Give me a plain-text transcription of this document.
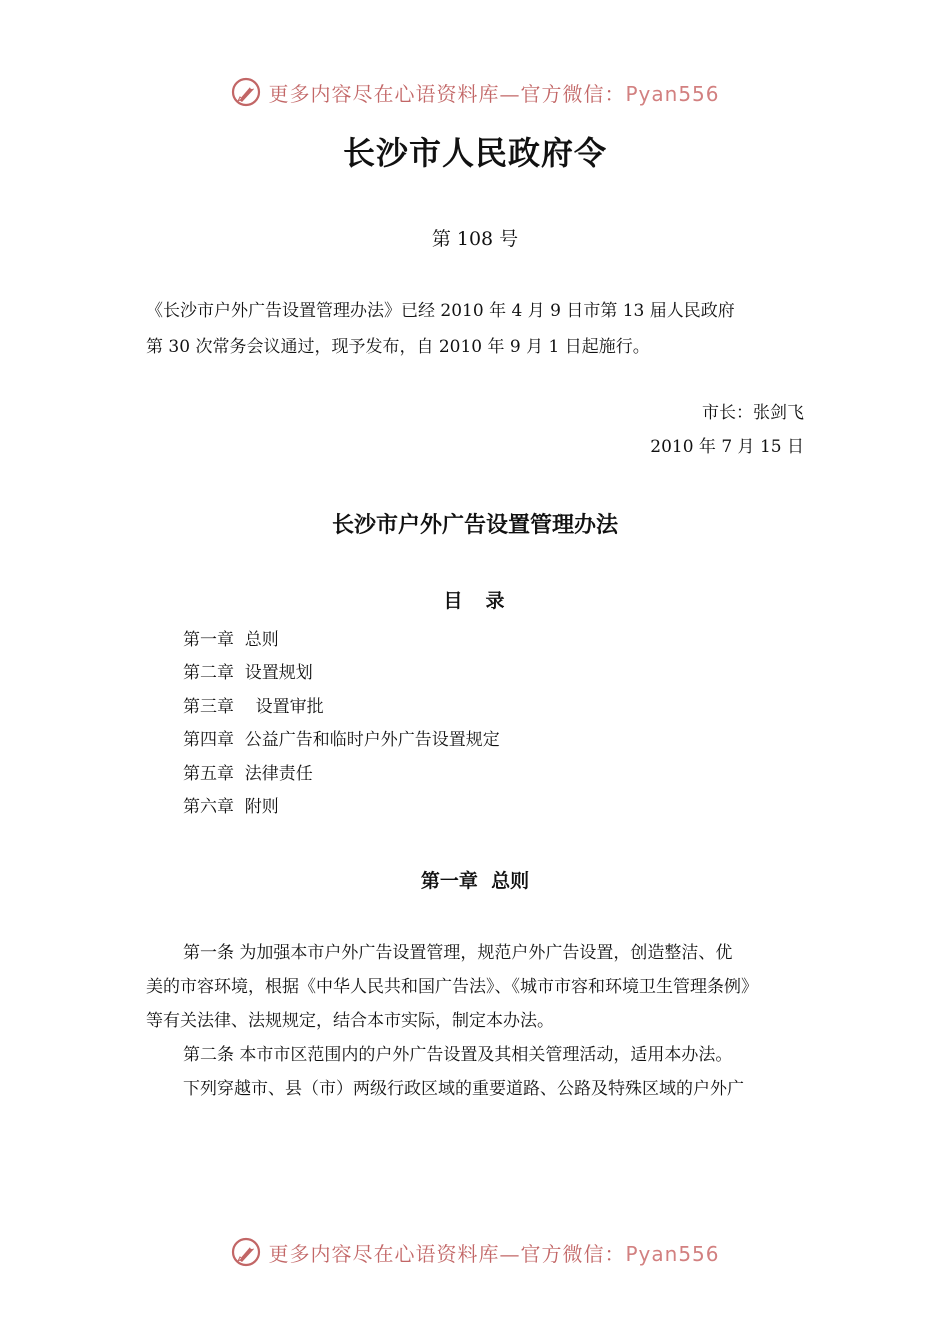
更多内容尽在心语资料库—官方微信：Pyan556
长沙市人民政府令
第 108 号
《长沙市户外广告设置管理办法》已经 2010 年 4 月 9 日市第 13 届人民政府
第 30 次常务会议通过，现予发布，自 2010 年 9 月 1 日起施行。
市长：张剑飞
2010 年 7 月 15 日
长沙市户外广告设置管理办法
目　录
第一章  总则
第二章  设置规划
第三章    设置审批
第四章  公益广告和临时户外广告设置规定
第五章  法律责任
第六章  附则
第一章  总则
第一条 为加强本市户外广告设置管理，规范户外广告设置，创造整洁、优
美的市容环境，根据《中华人民共和国广告法》、《城市市容和环境卫生管理条例》
等有关法律、法规规定，结合本市实际，制定本办法。
第二条 本市市区范围内的户外广告设置及其相关管理活动，适用本办法。
下列穿越市、县（市）两级行政区域的重要道路、公路及特殊区域的户外广
更多内容尽在心语资料库—官方微信：Pyan556
